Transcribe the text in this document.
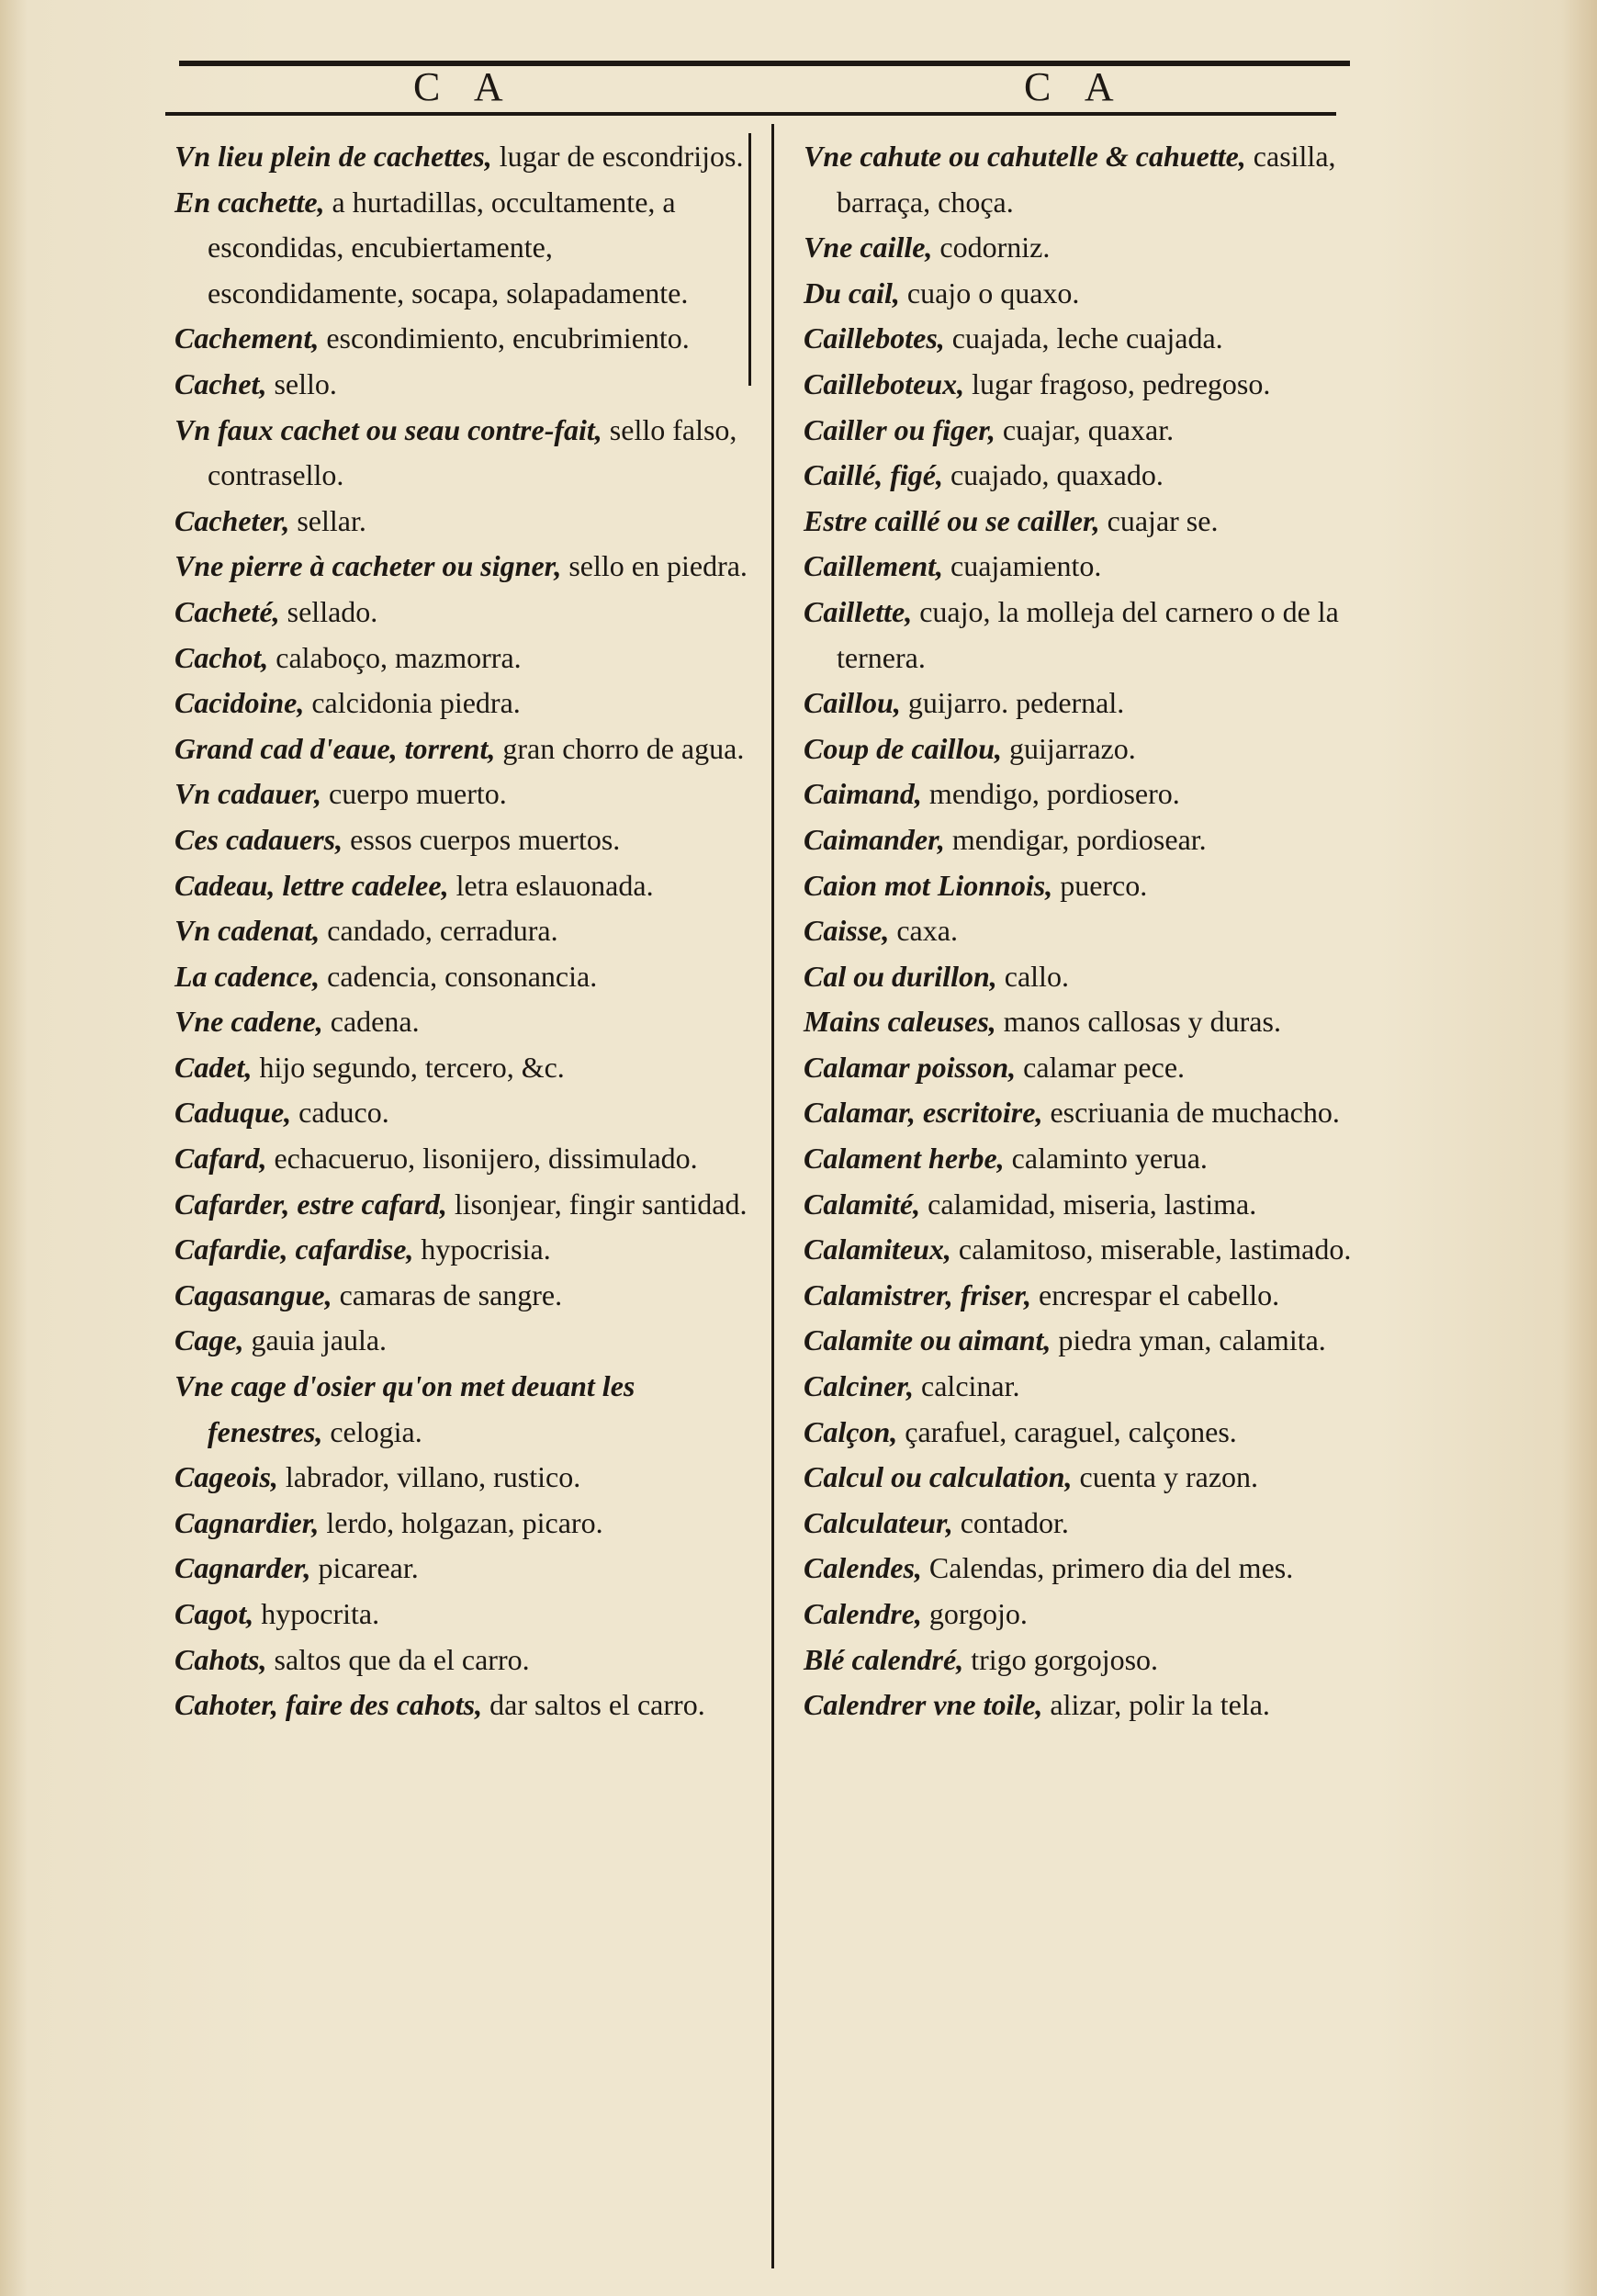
C A	C A
Vn lieu plein de cachettes, lugar de escondrijos.
En cachette, a hurtadillas, occultamente, a escondidas, encubiertamente, escondidamente, socapa, solapadamente.
Cachement, escondimiento, encubrimiento.
Cachet, sello.
Vn faux cachet ou seau contre-fait, sello falso, contrasello.
Cacheter, sellar.
Vne pierre à cacheter ou signer, sello en piedra.
Cacheté, sellado.
Cachot, calaboço, mazmorra.
Cacidoine, calcidonia piedra.
Grand cad d'eaue, torrent, gran chorro de agua.
Vn cadauer, cuerpo muerto.
Ces cadauers, essos cuerpos muertos.
Cadeau, lettre cadelee, letra eslauonada.
Vn cadenat, candado, cerradura.
La cadence, cadencia, consonancia.
Vne cadene, cadena.
Cadet, hijo segundo, tercero, &c.
Caduque, caduco.
Cafard, echacueruo, lisonijero, dissimulado.
Cafarder, estre cafard, lisonjear, fingir santidad.
Cafardie, cafardise, hypocrisia.
Cagasangue, camaras de sangre.
Cage, gauia jaula.
Vne cage d'osier qu'on met deuant les fenestres, celogia.
Cageois, labrador, villano, rustico.
Cagnardier, lerdo, holgazan, picaro.
Cagnarder, picarear.
Cagot, hypocrita.
Cahots, saltos que da el carro.
Cahoter, faire des cahots, dar saltos el carro.
Vne cahute ou cahutelle & cahuette, casilla, barraça, choça.
Vne caille, codorniz.
Du cail, cuajo o quaxo.
Caillebotes, cuajada, leche cuajada.
Cailleboteux, lugar fragoso, pedregoso.
Cailler ou figer, cuajar, quaxar.
Caillé, figé, cuajado, quaxado.
Estre caillé ou se cailler, cuajar se.
Caillement, cuajamiento.
Caillette, cuajo, la molleja del carnero o de la ternera.
Caillou, guijarro. pedernal.
Coup de caillou, guijarrazo.
Caimand, mendigo, pordiosero.
Caimander, mendigar, pordiosear.
Caion mot Lionnois, puerco.
Caisse, caxa.
Cal ou durillon, callo.
Mains caleuses, manos callosas y duras.
Calamar poisson, calamar pece.
Calamar, escritoire, escriuania de muchacho.
Calament herbe, calaminto yerua.
Calamité, calamidad, miseria, lastima.
Calamiteux, calamitoso, miserable, lastimado.
Calamistrer, friser, encrespar el cabello.
Calamite ou aimant, piedra yman, calamita.
Calciner, calcinar.
Calçon, çarafuel, caraguel, calçones.
Calcul ou calculation, cuenta y razon.
Calculateur, contador.
Calendes, Calendas, primero dia del mes.
Calendre, gorgojo.
Blé calendré, trigo gorgojoso.
Calendrer vne toile, alizar, polir la tela.
